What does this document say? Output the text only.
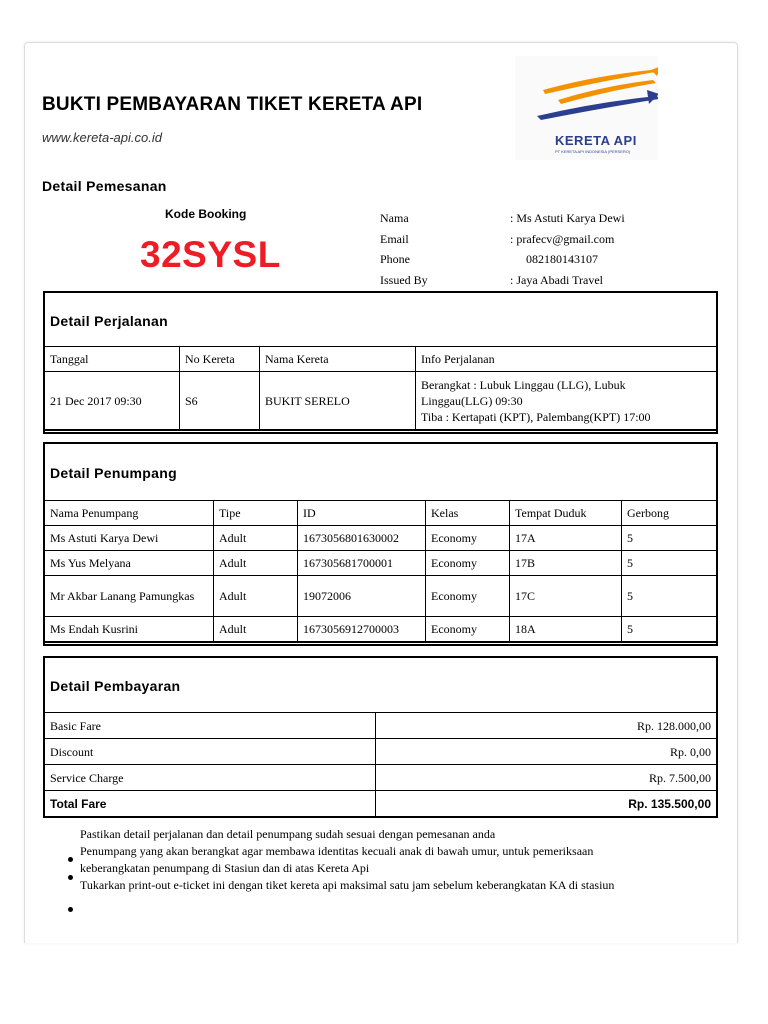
BUKTI PEMBAYARAN TIKET KERETA API
www.kereta-api.co.id	KERETA API
PT KERETA API INDONESIA (PERSERO)
Detail Pemesanan
Kode Booking
32SYSL
Nama	: Ms Astuti Karya Dewi
Email	: prafecv@gmail.com
Phone	082180143107
Issued By	: Jaya Abadi Travel
Detail Perjalanan
Tanggal	No Kereta	Nama Kereta	Info Perjalanan
21 Dec 2017 09:30	S6	BUKIT SERELO	Berangkat : Lubuk Linggau (LLG), Lubuk
Linggau(LLG) 09:30
Tiba : Kertapati (KPT), Palembang(KPT) 17:00
Detail Penumpang
Nama Penumpang	Tipe	ID	Kelas	Tempat Duduk	Gerbong
Ms Astuti Karya Dewi	Adult	1673056801630002	Economy	17A	5
Ms Yus Melyana	Adult	167305681700001	Economy	17B	5
Mr Akbar Lanang Pamungkas	Adult	19072006	Economy	17C	5
Ms Endah Kusrini	Adult	1673056912700003	Economy	18A	5
Detail Pembayaran
Basic Fare	Rp. 128.000,00
Discount	Rp. 0,00
Service Charge	Rp. 7.500,00
Total Fare	Rp. 135.500,00
Pastikan detail perjalanan dan detail penumpang sudah sesuai dengan pemesanan anda
Penumpang yang akan berangkat agar membawa identitas kecuali anak di bawah umur, untuk pemeriksaan
keberangkatan penumpang di Stasiun dan di atas Kereta Api
Tukarkan print-out e-ticket ini dengan tiket kereta api maksimal satu jam sebelum keberangkatan KA di stasiun
